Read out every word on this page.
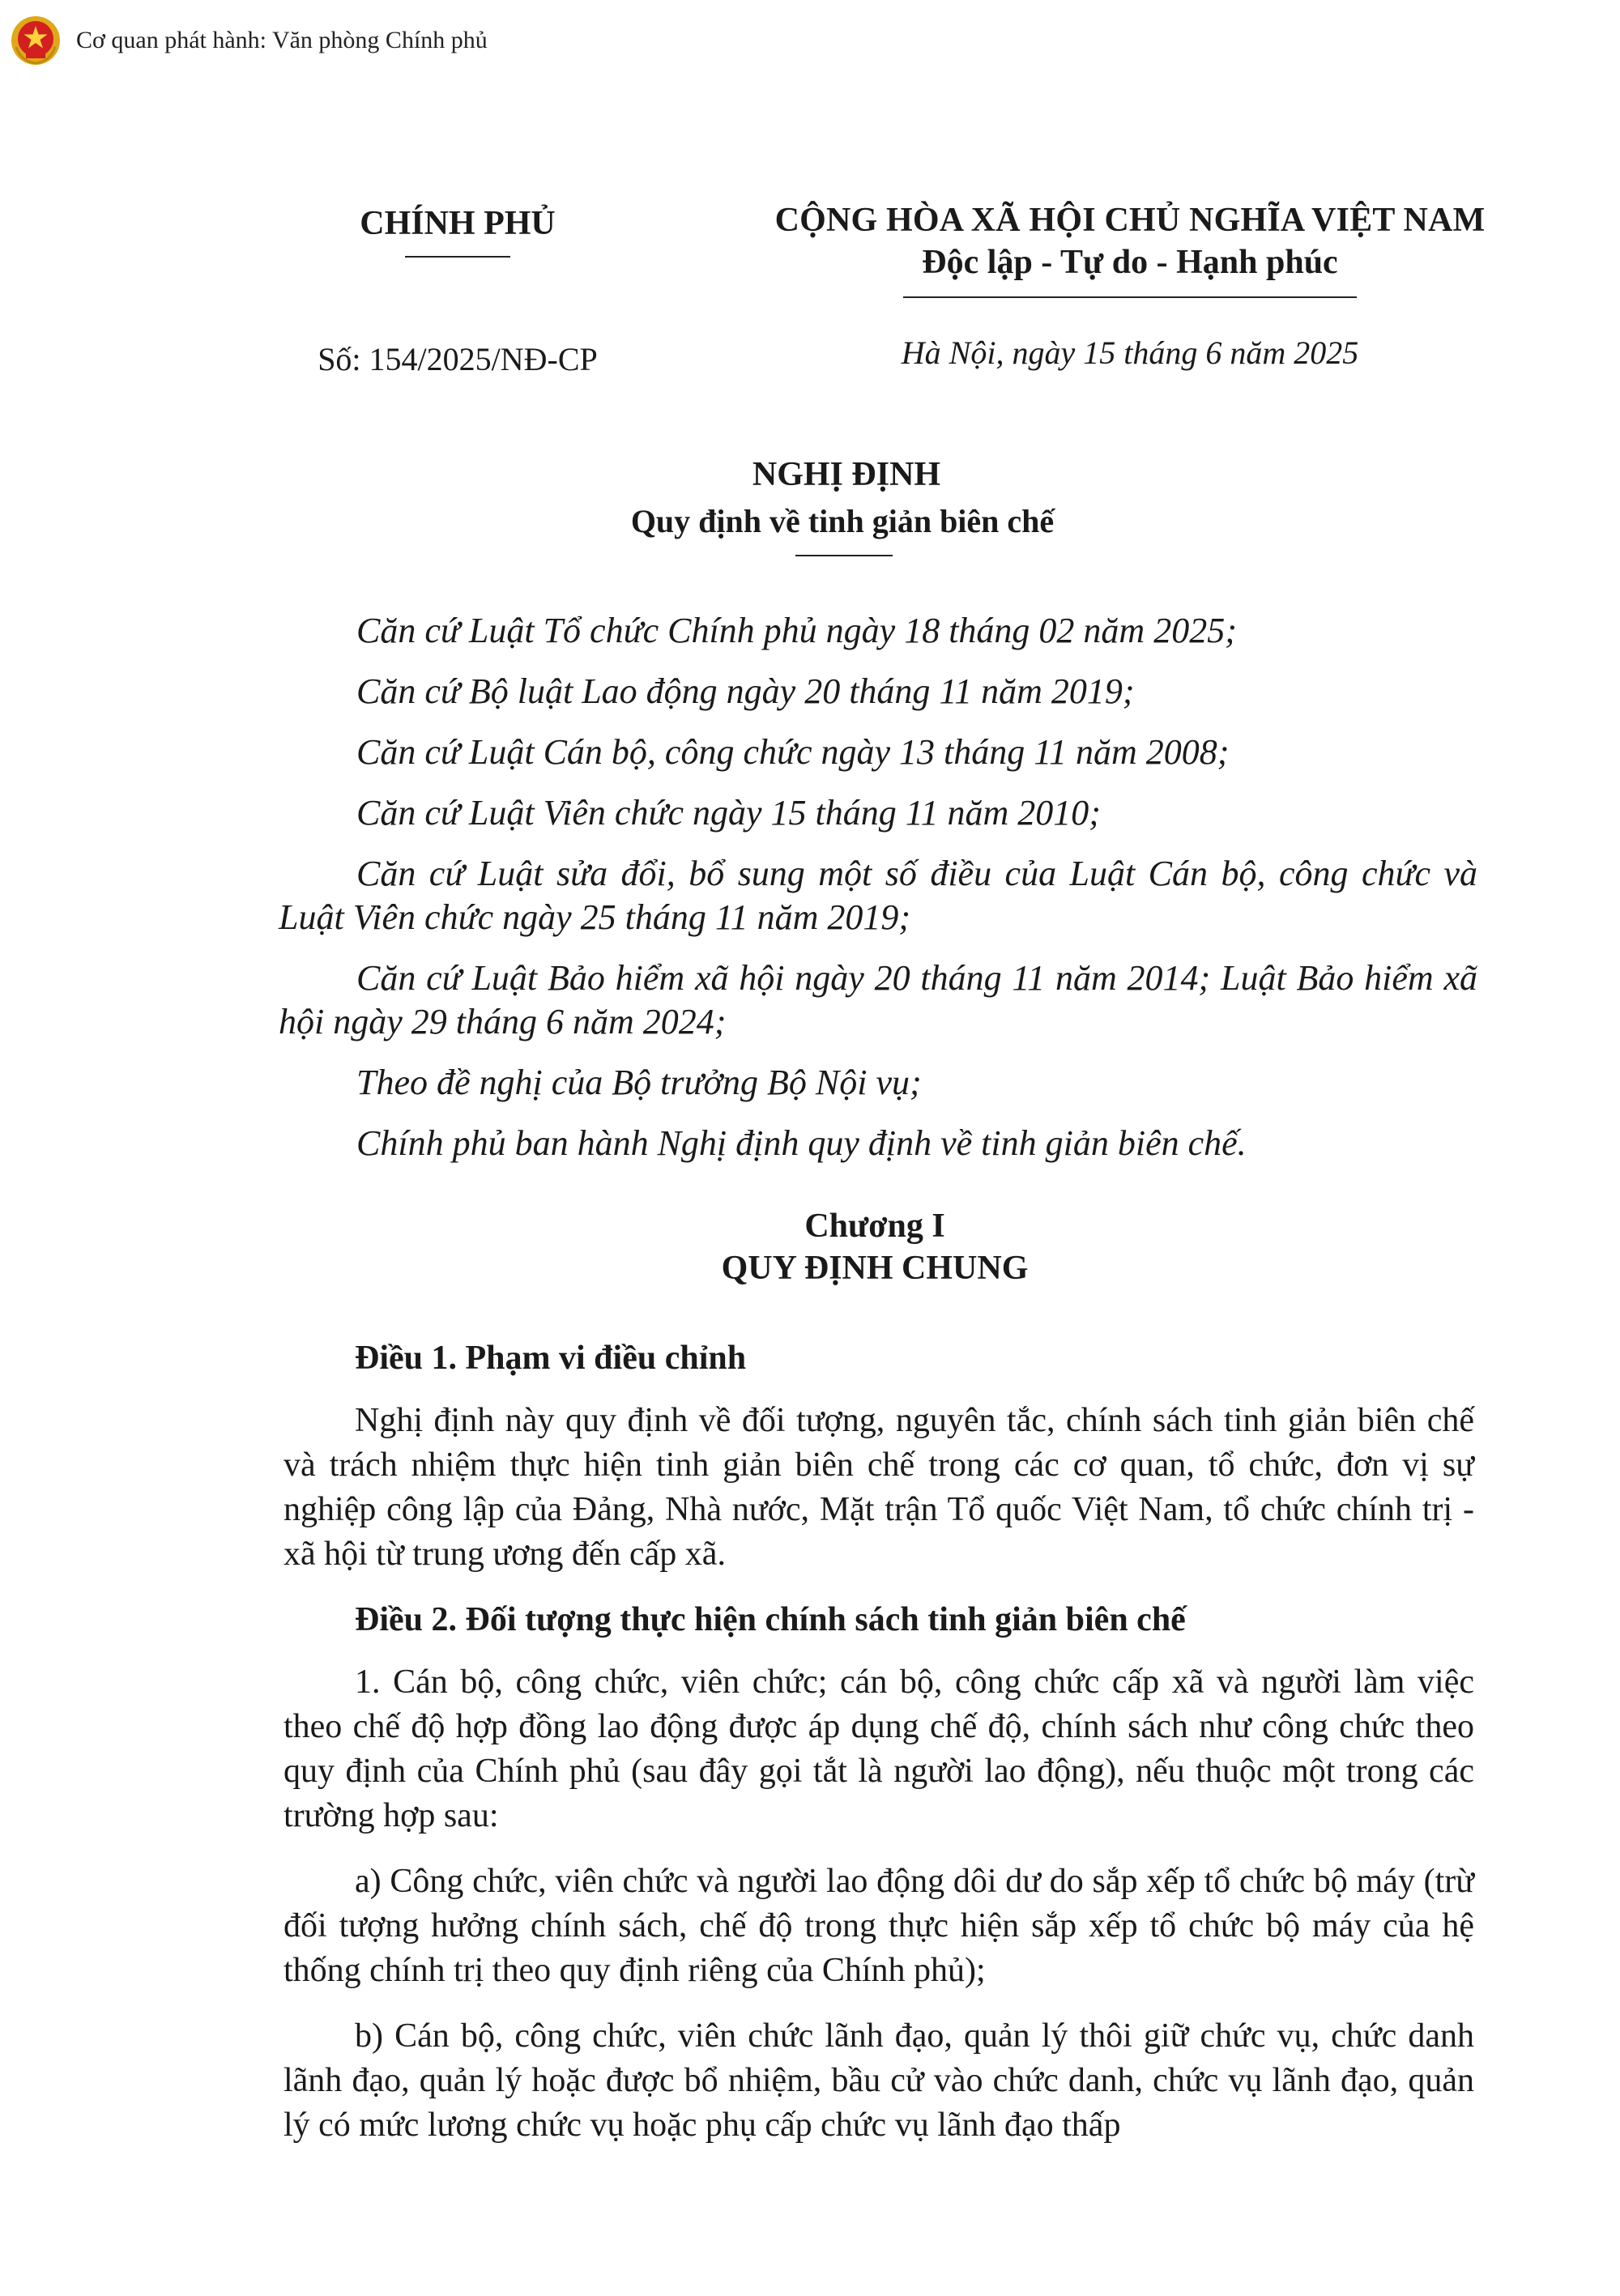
Cơ quan phát hành: Văn phòng Chính phủ
CHÍNH PHỦ	CỘNG HÒA XÃ HỘI CHỦ NGHĨA VIỆT NAM
Độc lập - Tự do - Hạnh phúc
Số: 154/2025/NĐ-CP	Hà Nội, ngày 15 tháng 6 năm 2025
NGHỊ ĐỊNH
Quy định về tinh giản biên chế

Căn cứ Luật Tổ chức Chính phủ ngày 18 tháng 02 năm 2025;

Căn cứ Bộ luật Lao động ngày 20 tháng 11 năm 2019;

Căn cứ Luật Cán bộ, công chức ngày 13 tháng 11 năm 2008;

Căn cứ Luật Viên chức ngày 15 tháng 11 năm 2010;

Căn cứ Luật sửa đổi, bổ sung một số điều của Luật Cán bộ, công chức và Luật Viên chức ngày 25 tháng 11 năm 2019;

Căn cứ Luật Bảo hiểm xã hội ngày 20 tháng 11 năm 2014; Luật Bảo hiểm xã hội ngày 29 tháng 6 năm 2024;

Theo đề nghị của Bộ trưởng Bộ Nội vụ;

Chính phủ ban hành Nghị định quy định về tinh giản biên chế.

Chương I
QUY ĐỊNH CHUNG
Điều 1. Phạm vi điều chỉnh

Nghị định này quy định về đối tượng, nguyên tắc, chính sách tinh giản biên chế và trách nhiệm thực hiện tinh giản biên chế trong các cơ quan, tổ chức, đơn vị sự nghiệp công lập của Đảng, Nhà nước, Mặt trận Tổ quốc Việt Nam, tổ chức chính trị - xã hội từ trung ương đến cấp xã.

Điều 2. Đối tượng thực hiện chính sách tinh giản biên chế

1. Cán bộ, công chức, viên chức; cán bộ, công chức cấp xã và người làm việc theo chế độ hợp đồng lao động được áp dụng chế độ, chính sách như công chức theo quy định của Chính phủ (sau đây gọi tắt là người lao động), nếu thuộc một trong các trường hợp sau:

a) Công chức, viên chức và người lao động dôi dư do sắp xếp tổ chức bộ máy (trừ đối tượng hưởng chính sách, chế độ trong thực hiện sắp xếp tổ chức bộ máy của hệ thống chính trị theo quy định riêng của Chính phủ);

b) Cán bộ, công chức, viên chức lãnh đạo, quản lý thôi giữ chức vụ, chức danh lãnh đạo, quản lý hoặc được bổ nhiệm, bầu cử vào chức danh, chức vụ lãnh đạo, quản lý có mức lương chức vụ hoặc phụ cấp chức vụ lãnh đạo thấp
